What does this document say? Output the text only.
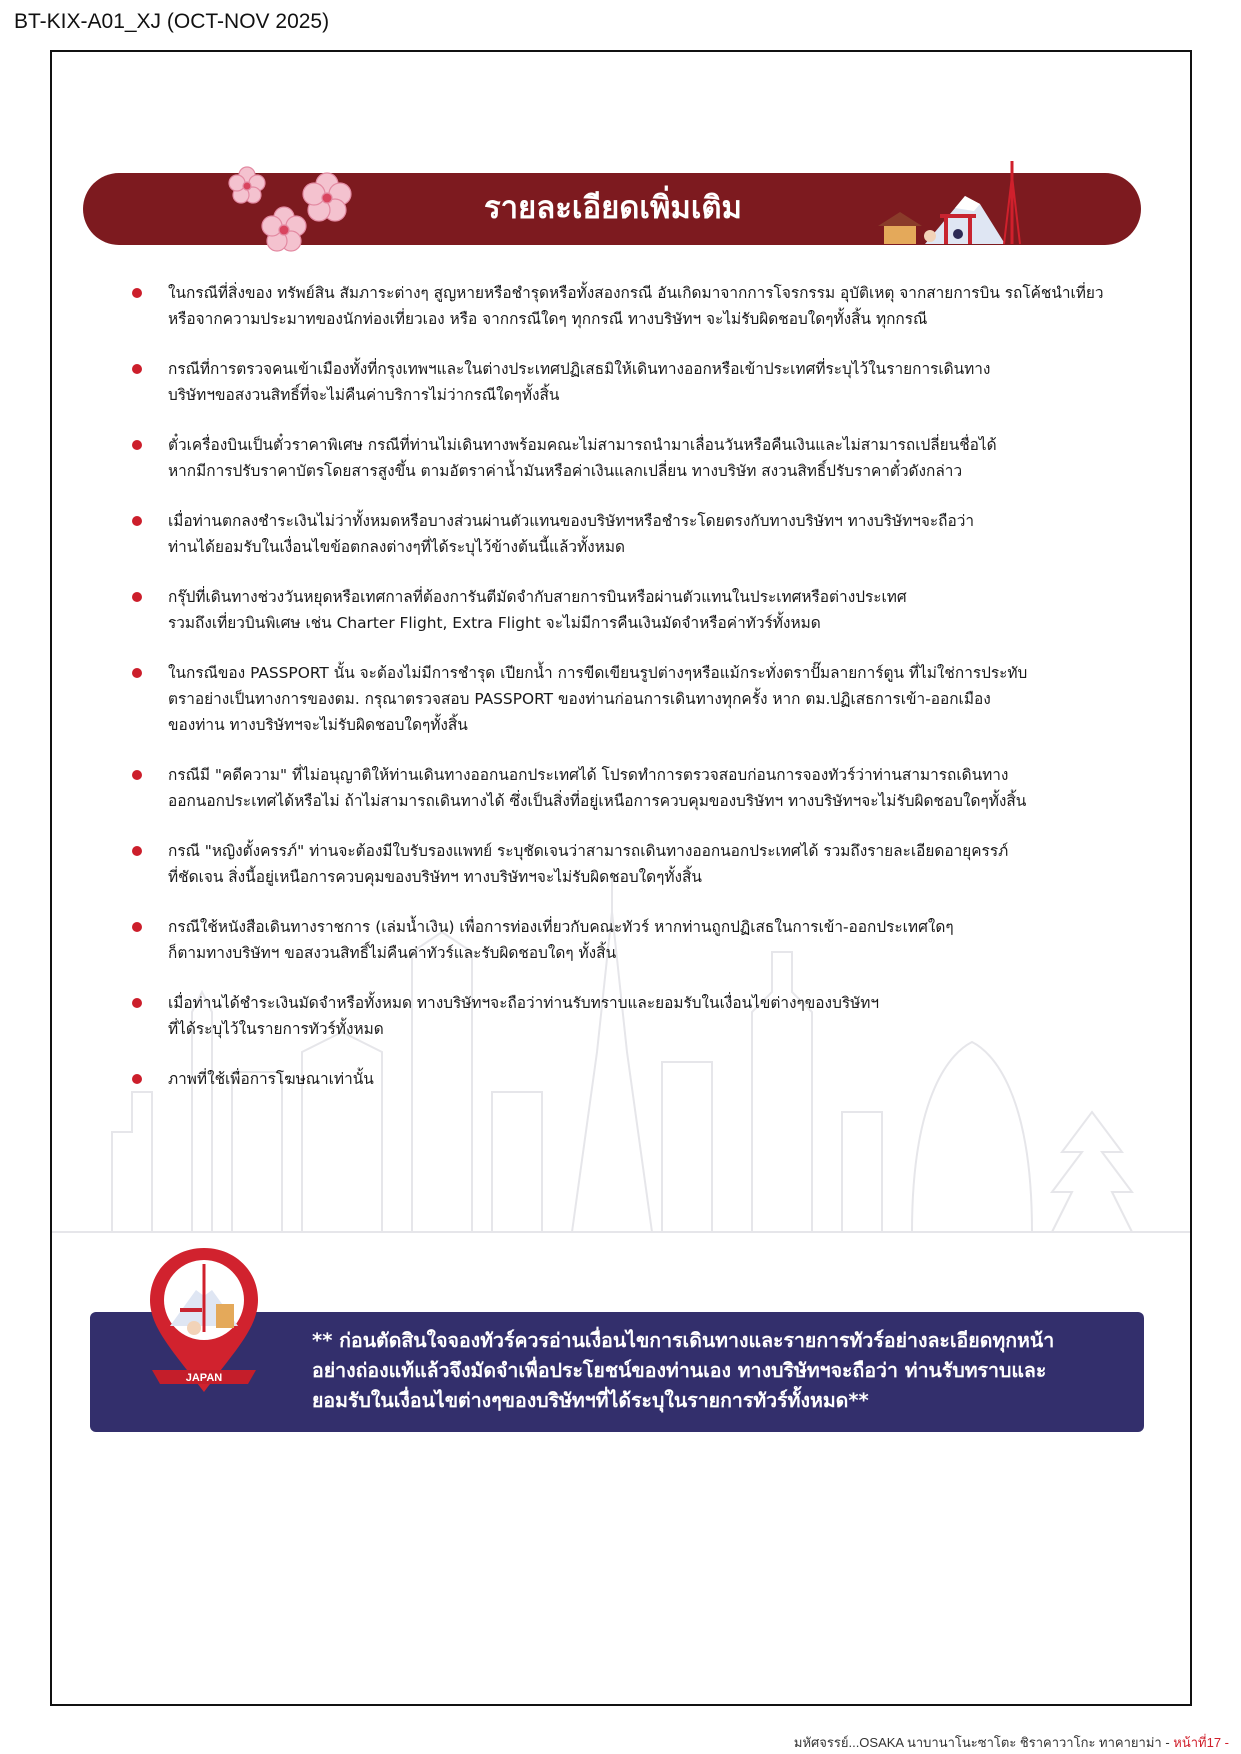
BT-KIX-A01_XJ (OCT-NOV 2025)
รายละเอียดเพิ่มเติม
ในกรณีที่สิ่งของ ทรัพย์สิน สัมภาระต่างๆ สูญหายหรือชำรุดหรือทั้งสองกรณี อันเกิดมาจากการโจรกรรม อุบัติเหตุ จากสายการบิน รถโค้ชนำเที่ยว
หรือจากความประมาทของนักท่องเที่ยวเอง หรือ จากกรณีใดๆ ทุกกรณี ทางบริษัทฯ จะไม่รับผิดชอบใดๆทั้งสิ้น ทุกกรณี
กรณีที่การตรวจคนเข้าเมืองทั้งที่กรุงเทพฯและในต่างประเทศปฏิเสธมิให้เดินทางออกหรือเข้าประเทศที่ระบุไว้ในรายการเดินทาง
บริษัทฯขอสงวนสิทธิ์ที่จะไม่คืนค่าบริการไม่ว่ากรณีใดๆทั้งสิ้น
ตั๋วเครื่องบินเป็นตั๋วราคาพิเศษ กรณีที่ท่านไม่เดินทางพร้อมคณะไม่สามารถนำมาเลื่อนวันหรือคืนเงินและไม่สามารถเปลี่ยนชื่อได้
หากมีการปรับราคาบัตรโดยสารสูงขึ้น ตามอัตราค่าน้ำมันหรือค่าเงินแลกเปลี่ยน ทางบริษัท สงวนสิทธิ์ปรับราคาตั๋วดังกล่าว
เมื่อท่านตกลงชำระเงินไม่ว่าทั้งหมดหรือบางส่วนผ่านตัวแทนของบริษัทฯหรือชำระโดยตรงกับทางบริษัทฯ ทางบริษัทฯจะถือว่า
ท่านได้ยอมรับในเงื่อนไขข้อตกลงต่างๆที่ได้ระบุไว้ข้างต้นนี้แล้วทั้งหมด
กรุ๊ปที่เดินทางช่วงวันหยุดหรือเทศกาลที่ต้องการันตีมัดจำกับสายการบินหรือผ่านตัวแทนในประเทศหรือต่างประเทศ
รวมถึงเที่ยวบินพิเศษ เช่น Charter Flight, Extra Flight จะไม่มีการคืนเงินมัดจำหรือค่าทัวร์ทั้งหมด
ในกรณีของ PASSPORT นั้น จะต้องไม่มีการชำรุด เปียกน้ำ การขีดเขียนรูปต่างๆหรือแม้กระทั่งตราปั๊มลายการ์ตูน ที่ไม่ใช่การประทับ
ตราอย่างเป็นทางการของตม. กรุณาตรวจสอบ PASSPORT ของท่านก่อนการเดินทางทุกครั้ง หาก ตม.ปฏิเสธการเข้า-ออกเมือง
ของท่าน ทางบริษัทฯจะไม่รับผิดชอบใดๆทั้งสิ้น
กรณีมี "คดีความ" ที่ไม่อนุญาติให้ท่านเดินทางออกนอกประเทศได้ โปรดทำการตรวจสอบก่อนการจองทัวร์ว่าท่านสามารถเดินทาง
ออกนอกประเทศได้หรือไม่ ถ้าไม่สามารถเดินทางได้ ซึ่งเป็นสิ่งที่อยู่เหนือการควบคุมของบริษัทฯ ทางบริษัทฯจะไม่รับผิดชอบใดๆทั้งสิ้น
กรณี "หญิงตั้งครรภ์" ท่านจะต้องมีใบรับรองแพทย์ ระบุชัดเจนว่าสามารถเดินทางออกนอกประเทศได้ รวมถึงรายละเอียดอายุครรภ์
ที่ชัดเจน สิ่งนี้อยู่เหนือการควบคุมของบริษัทฯ ทางบริษัทฯจะไม่รับผิดชอบใดๆทั้งสิ้น
กรณีใช้หนังสือเดินทางราชการ (เล่มน้ำเงิน) เพื่อการท่องเที่ยวกับคณะทัวร์ หากท่านถูกปฏิเสธในการเข้า-ออกประเทศใดๆ
ก็ตามทางบริษัทฯ ขอสงวนสิทธิ์ไม่คืนค่าทัวร์และรับผิดชอบใดๆ ทั้งสิ้น
เมื่อท่านได้ชำระเงินมัดจำหรือทั้งหมด ทางบริษัทฯจะถือว่าท่านรับทราบและยอมรับในเงื่อนไขต่างๆของบริษัทฯ
ที่ได้ระบุไว้ในรายการทัวร์ทั้งหมด
ภาพที่ใช้เพื่อการโฆษณาเท่านั้น
** ก่อนตัดสินใจจองทัวร์ควรอ่านเงื่อนไขการเดินทางและรายการทัวร์อย่างละเอียดทุกหน้า
อย่างถ่องแท้แล้วจึงมัดจำเพื่อประโยชน์ของท่านเอง ทางบริษัทฯจะถือว่า ท่านรับทราบและ
ยอมรับในเงื่อนไขต่างๆของบริษัทฯที่ได้ระบุในรายการทัวร์ทั้งหมด**
JAPAN
มหัศจรรย์...OSAKA นาบานาโนะซาโตะ ชิราคาวาโกะ ทาคายาม่า - หน้าที่17 -
